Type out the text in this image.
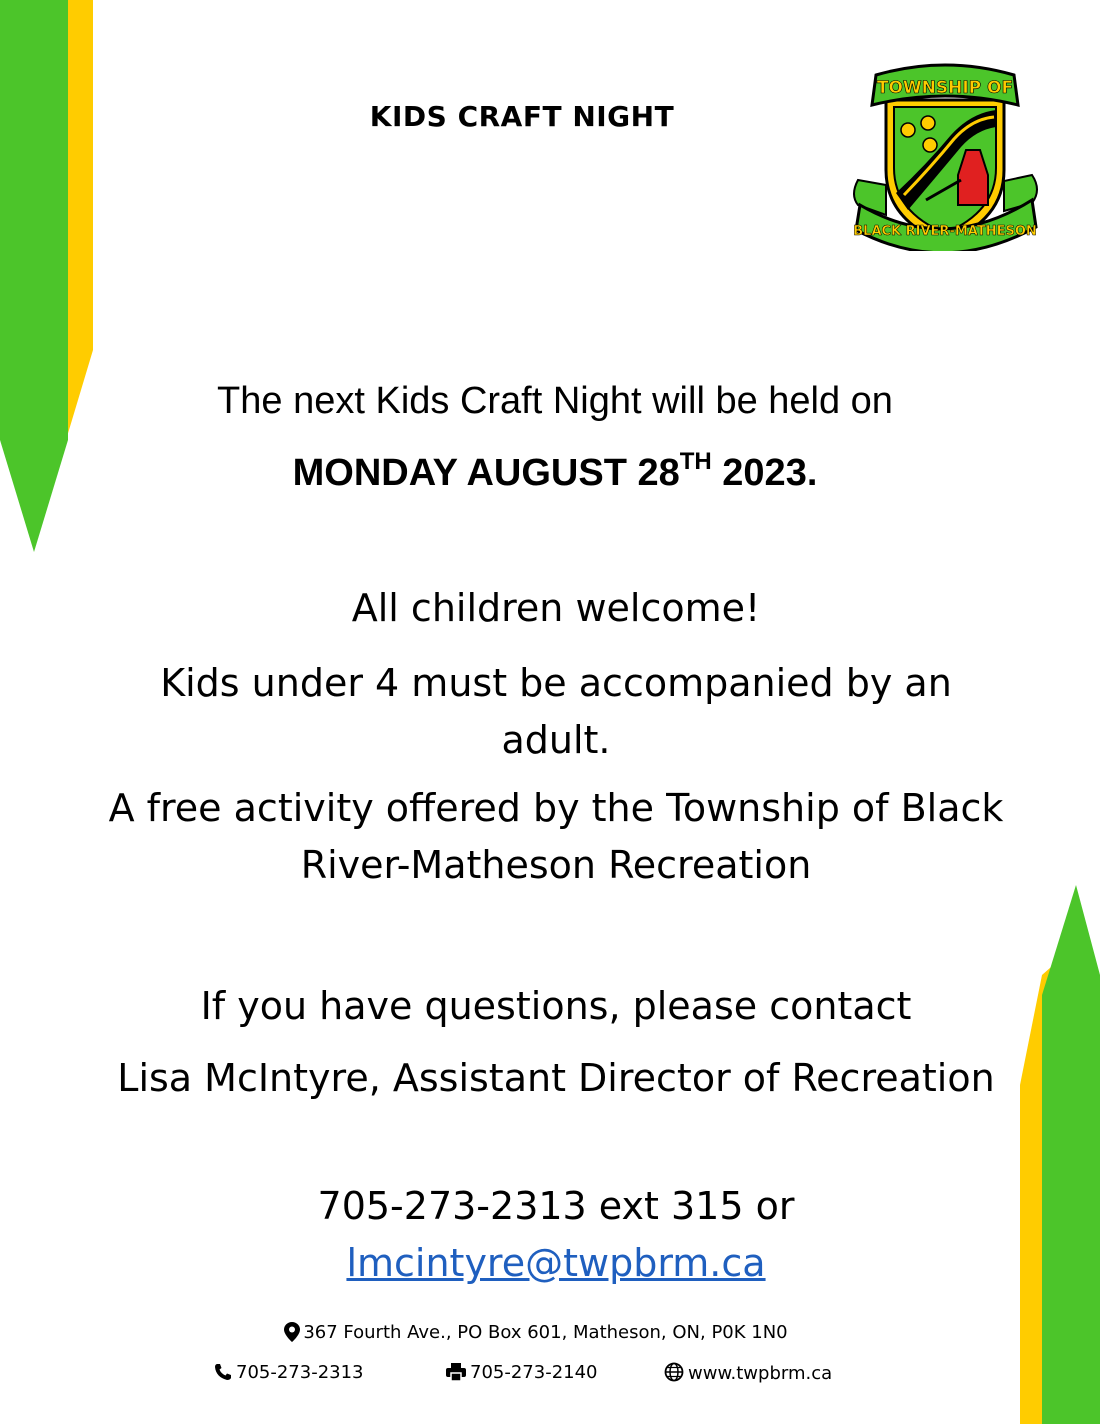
KIDS CRAFT NIGHT
TOWNSHIP OF
BLACK RIVER-MATHESON
The next Kids Craft Night will be held on
MONDAY AUGUST 28TH 2023.
All children welcome!
Kids under 4 must be accompanied by an adult.
A free activity offered by the Township of Black River-Matheson Recreation
If you have questions, please contact
Lisa McIntyre, Assistant Director of Recreation
705-273-2313 ext 315 or
lmcintyre@twpbrm.ca
367 Fourth Ave., PO Box 601, Matheson, ON, P0K 1N0
705-273-2313	705-273-2140	www.twpbrm.ca
